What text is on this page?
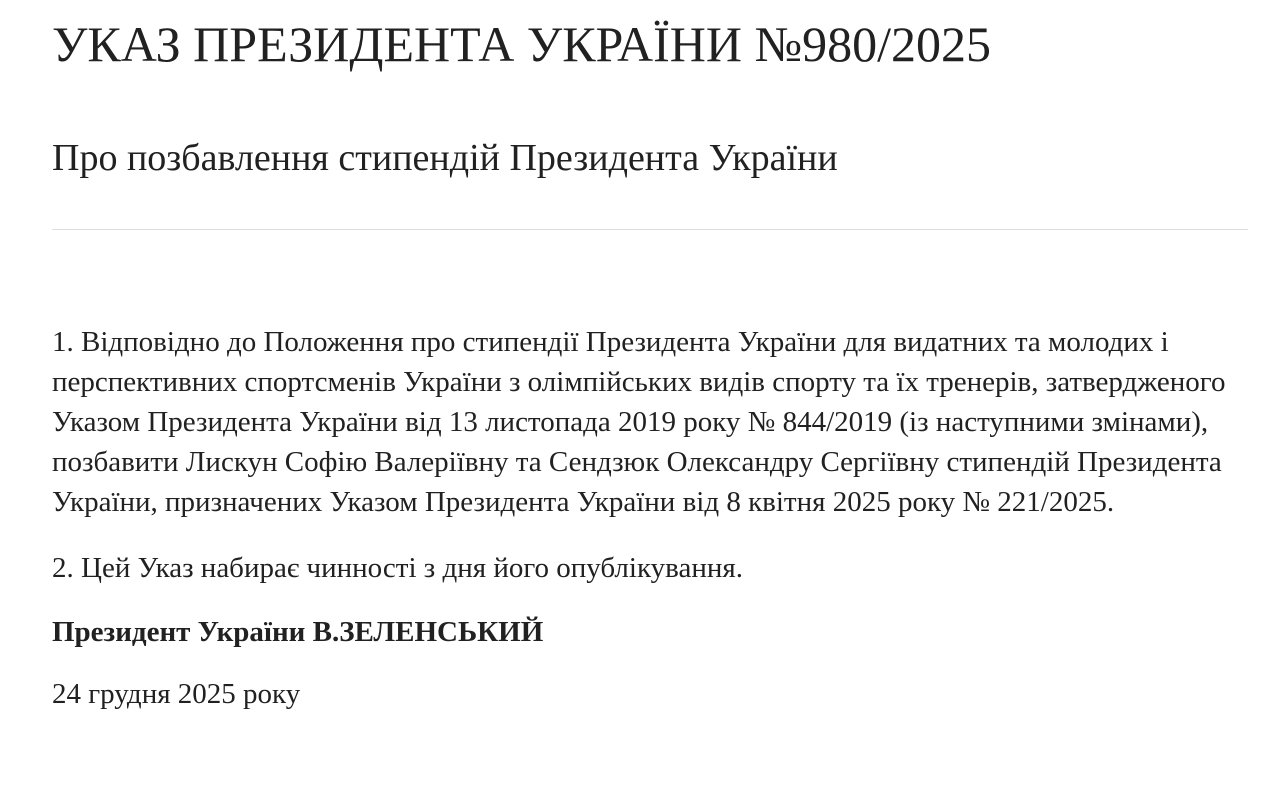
УКАЗ ПРЕЗИДЕНТА УКРАЇНИ №980/2025
Про позбавлення стипендій Президента України

1. Відповідно до Положення про стипендії Президента України для видатних та молодих і перспективних спортсменів України з олімпійських видів спорту та їх тренерів, затвердженого Указом Президента України від 13 листопада 2019 року № 844/2019 (із наступними змінами), позбавити Лискун Софію Валеріївну та Сендзюк Олександру Сергіївну стипендій Президента України, призначених Указом Президента України від 8 квітня 2025 року № 221/2025.

2. Цей Указ набирає чинності з дня його опублікування.

Президент України В.ЗЕЛЕНСЬКИЙ

24 грудня 2025 року
